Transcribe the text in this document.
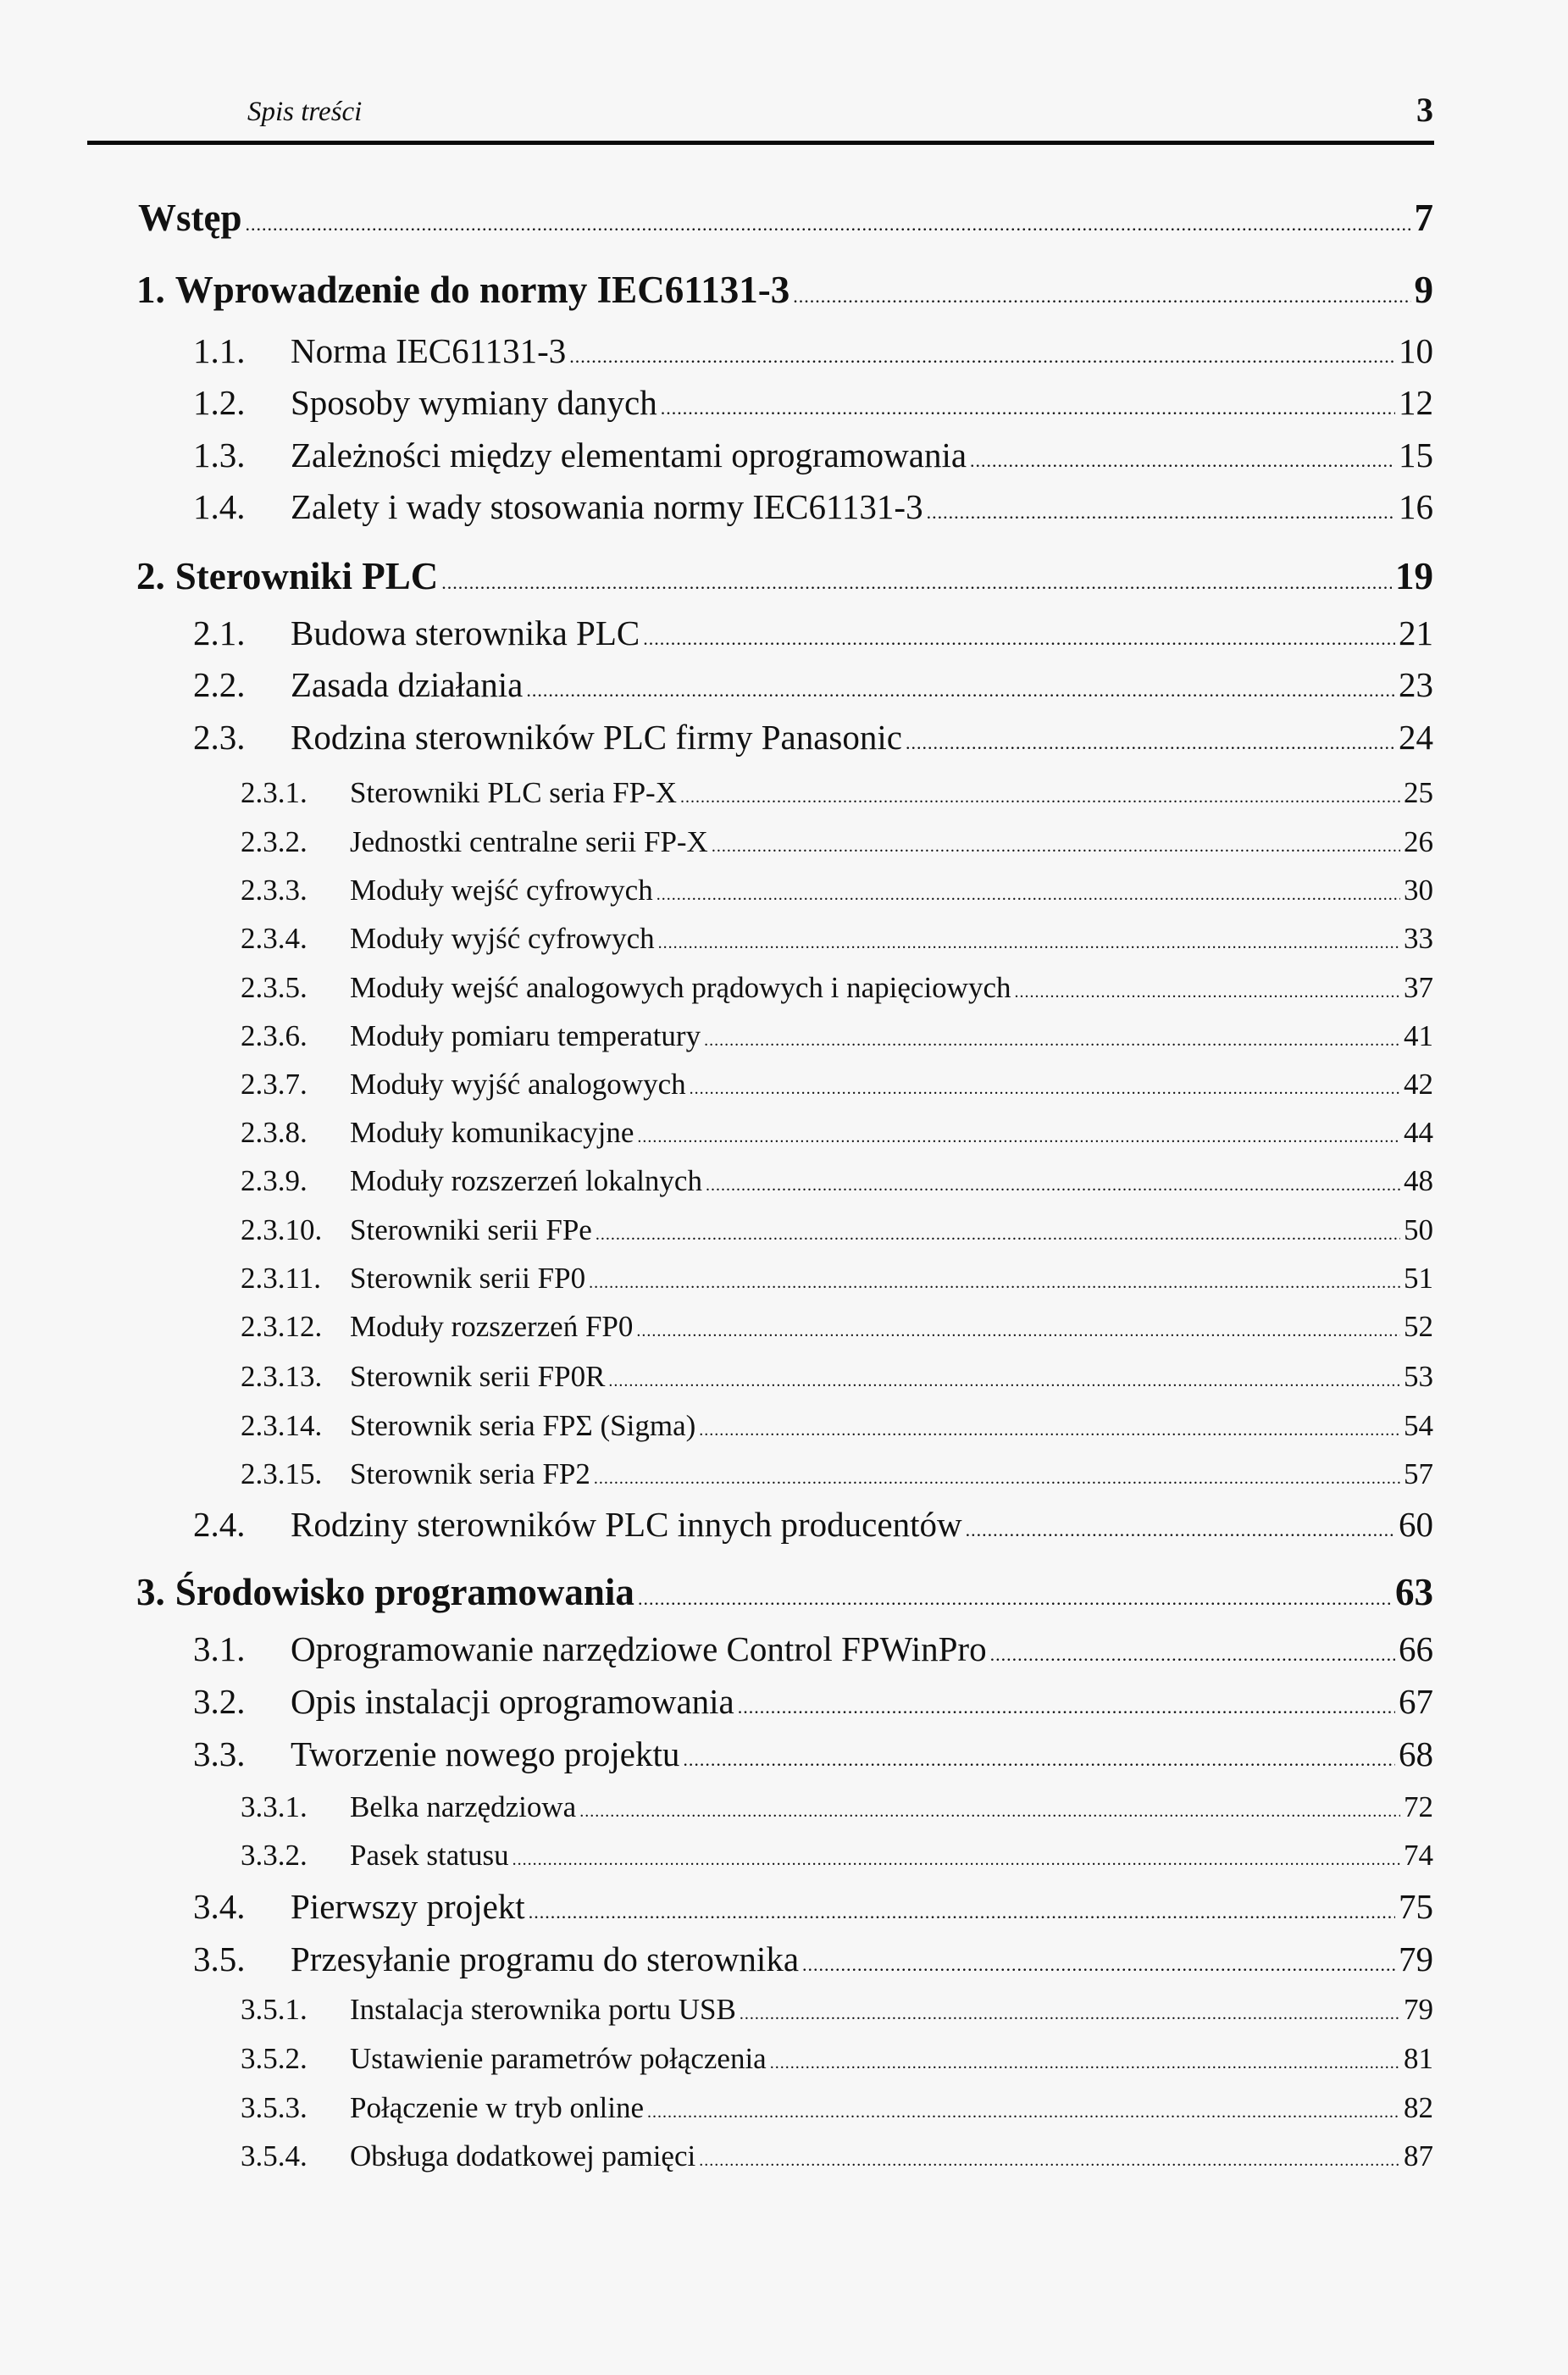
Spis treści	3
Wstęp .....	7
1. Wprowadzenie do normy IEC61131-3 .....	9
1.1.	Norma IEC61131-3 .....	10
1.2.	Sposoby wymiany danych .....	12
1.3.	Zależności między elementami oprogramowania .....	15
1.4.	Zalety i wady stosowania normy IEC61131-3 .....	16
2. Sterowniki PLC .....	19
2.1.	Budowa sterownika PLC .....	21
2.2.	Zasada działania .....	23
2.3.	Rodzina sterowników PLC firmy Panasonic .....	24
2.3.1.	Sterowniki PLC seria FP-X .....	25
2.3.2.	Jednostki centralne serii FP-X .....	26
2.3.3.	Moduły wejść cyfrowych .....	30
2.3.4.	Moduły wyjść cyfrowych .....	33
2.3.5.	Moduły wejść analogowych prądowych i napięciowych .....	37
2.3.6.	Moduły pomiaru temperatury .....	41
2.3.7.	Moduły wyjść analogowych .....	42
2.3.8.	Moduły komunikacyjne .....	44
2.3.9.	Moduły rozszerzeń lokalnych .....	48
2.3.10. Sterowniki serii FPe .....	50
2.3.11. Sterownik serii FP0 .....	51
2.3.12. Moduły rozszerzeń FP0 .....	52
2.3.13. Sterownik serii FP0R .....	53
2.3.14. Sterownik seria FPΣ (Sigma) .....	54
2.3.15. Sterownik seria FP2 .....	57
2.4.	Rodziny sterowników PLC innych producentów .....	60
3. Środowisko programowania .....	63
3.1.	Oprogramowanie narzędziowe Control FPWinPro .....	66
3.2.	Opis instalacji oprogramowania .....	67
3.3.	Tworzenie nowego projektu .....	68
3.3.1.	Belka narzędziowa .....	72
3.3.2.	Pasek statusu .....	74
3.4.	Pierwszy projekt .....	75
3.5.	Przesyłanie programu do sterownika .....	79
3.5.1.	Instalacja sterownika portu USB .....	79
3.5.2.	Ustawienie parametrów połączenia .....	81
3.5.3.	Połączenie w tryb online .....	82
3.5.4.	Obsługa dodatkowej pamięci .....	87
